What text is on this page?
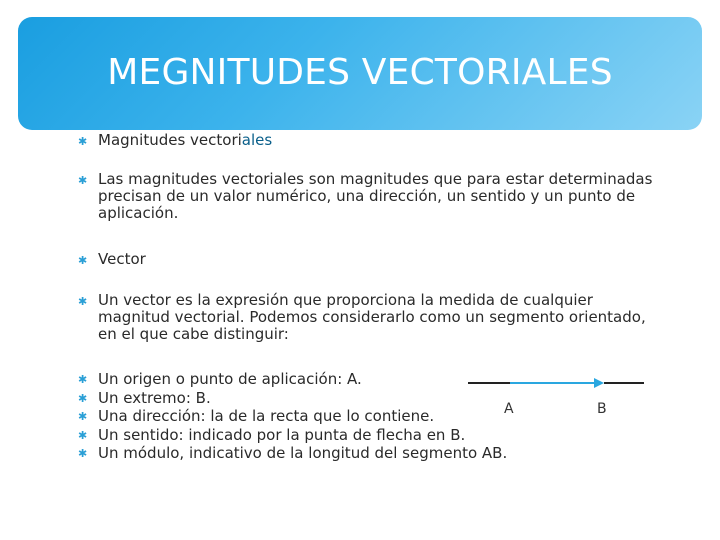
MEGNITUDES VECTORIALES
✱ Magnitudes vectoriales
✱ Las magnitudes vectoriales son magnitudes que para estar determinadas precisan de un valor numérico, una dirección, un sentido y un punto de aplicación.
✱ Vector
✱ Un vector es la expresión que proporciona la medida de cualquier magnitud vectorial. Podemos considerarlo como un segmento orientado, en el que cabe distinguir:
✱ Un origen o punto de aplicación: A.
✱ Un extremo: B.
✱ Una dirección: la de la recta que lo contiene.
✱ Un sentido: indicado por la punta de flecha en B.
✱ Un módulo, indicativo de la longitud del segmento AB.
A	B
